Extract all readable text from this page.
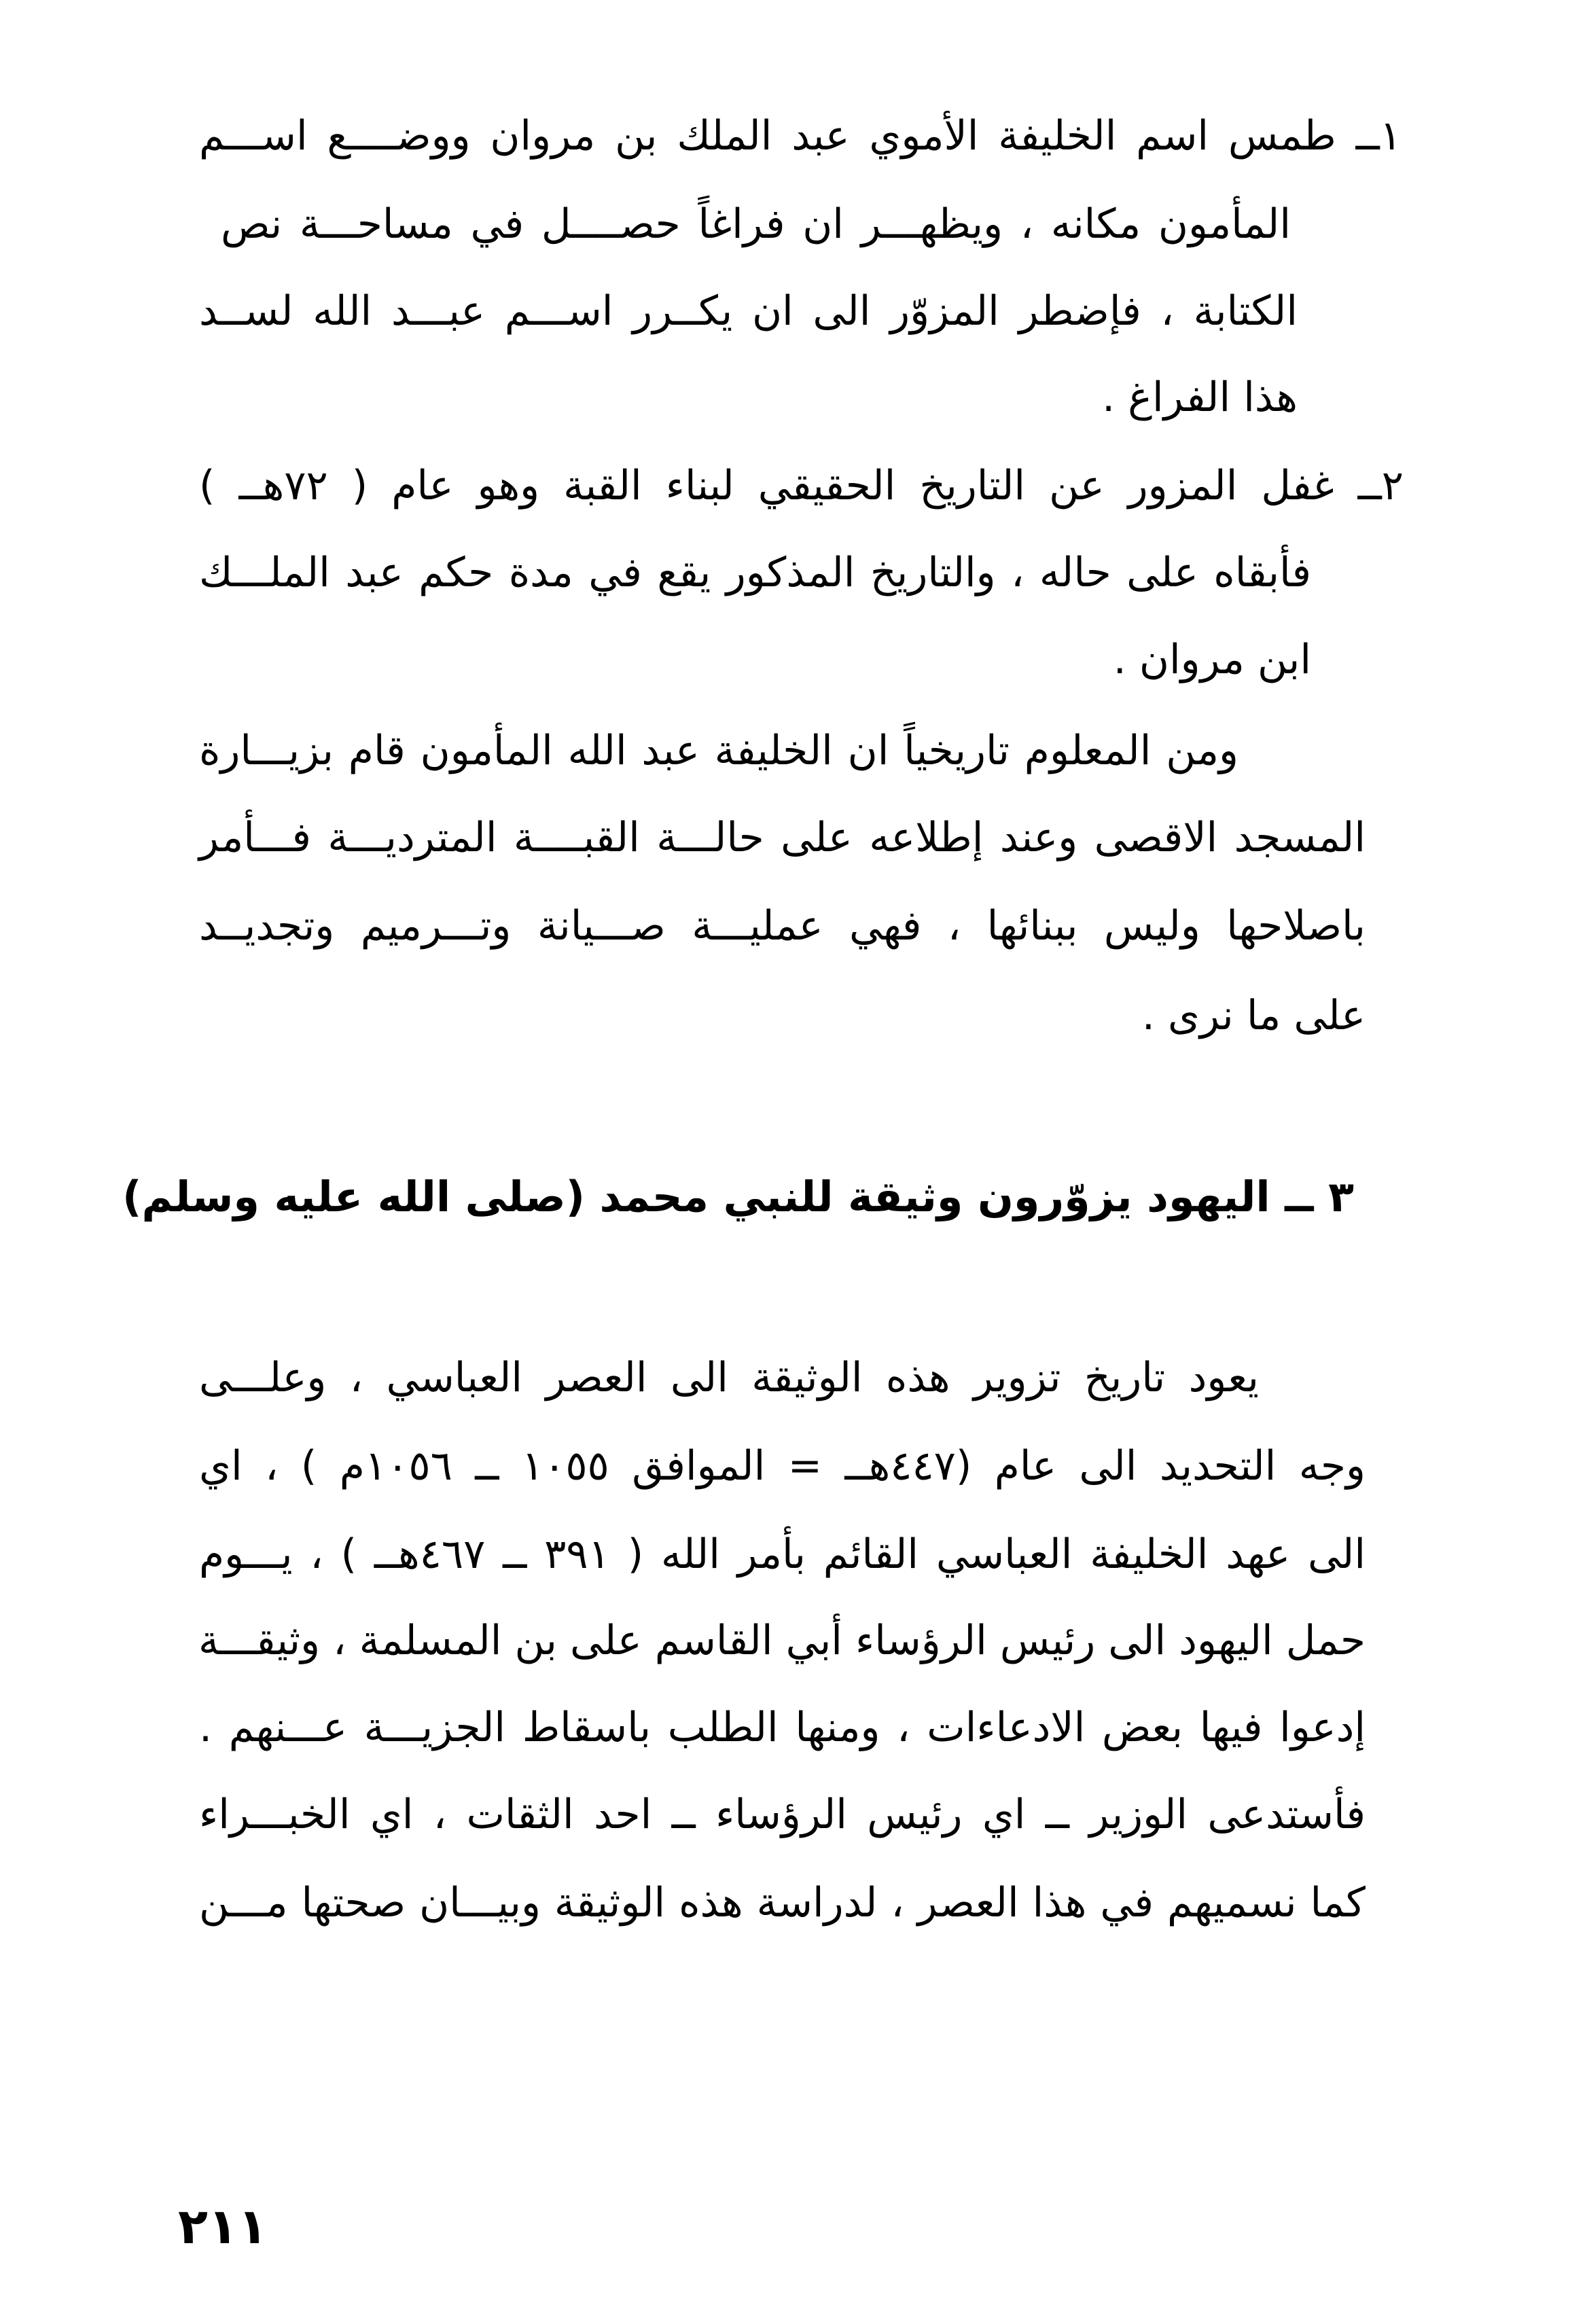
١ــ طمس اسم الخليفة الأموي عبد الملك بن مروان ووضــــع اســـم

المأمون مكانه ، ويظهـــر ان فراغاً حصــــل في مساحـــة نص

الكتابة ، فإضطر المزوّر الى ان يكــرر اســـم عبـــد الله لســد

هذا الفراغ .

٢ــ غفل المزور عن التاريخ الحقيقي لبناء القبة وهو عام ( ٧٢هــ )

فأبقاه على حاله ، والتاريخ المذكور يقع في مدة حكم عبد الملـــك

ابن مروان .

ومن المعلوم تاريخياً ان الخليفة عبد الله المأمون قام بزيـــارة

المسجد الاقصى وعند إطلاعه على حالـــة القبــــة المترديـــة فـــأمر

باصلاحها وليس ببنائها ، فهي عمليـــة صـــيانة وتـــرميم وتجديــد

على ما نرى .

٣ ــ اليهود يزوّرون وثيقة للنبي محمد (صلى الله عليه وسلم)

يعود تاريخ تزوير هذه الوثيقة الى العصر العباسي ، وعلـــى

وجه التحديد الى عام (٤٤٧هــ = الموافق ١٠٥٥ ــ ١٠٥٦م ) ، اي

الى عهد الخليفة العباسي القائم بأمر الله ( ٣٩١ ــ ٤٦٧هــ ) ، يـــوم

حمل اليهود الى رئيس الرؤساء أبي القاسم على بن المسلمة ، وثيقـــة

إدعوا فيها بعض الادعاءات ، ومنها الطلب باسقاط الجزيـــة عـــنهم .

فأستدعى الوزير ــ اي رئيس الرؤساء ــ احد الثقات ، اي الخبـــراء

كما نسميهم في هذا العصر ، لدراسة هذه الوثيقة وبيـــان صحتها مـــن

٢١١
